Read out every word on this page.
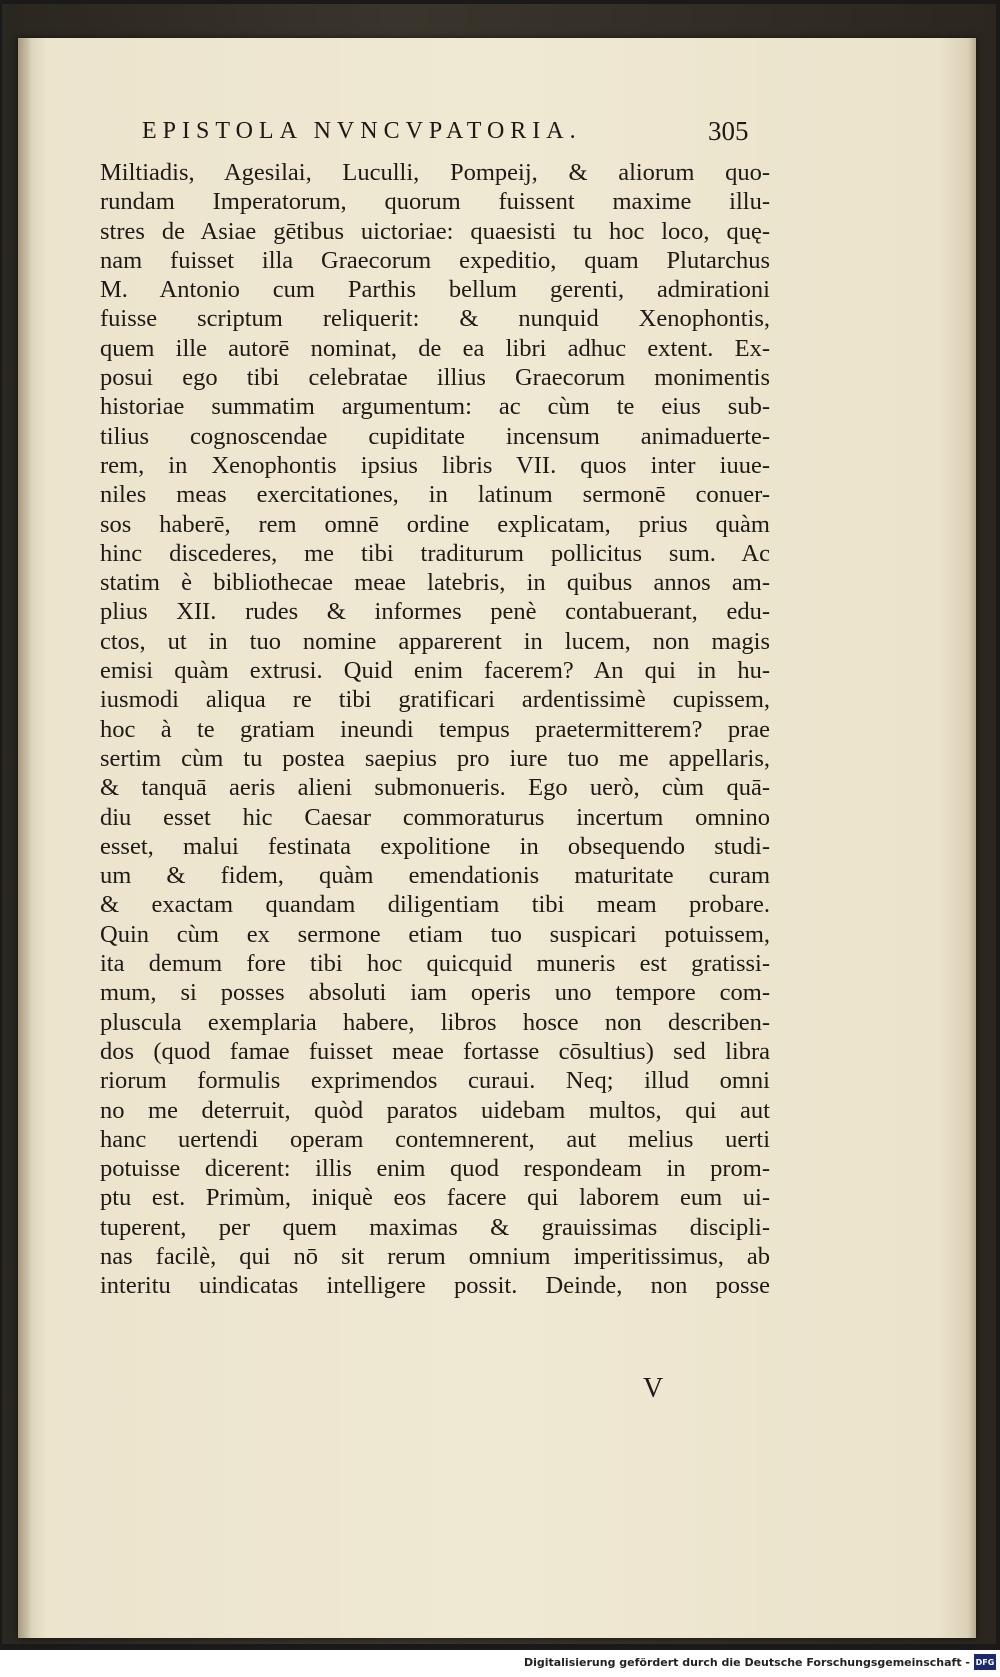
EPISTOLA NVNCVPATORIA.	305
Miltiadis, Agesilai, Luculli, Pompeij, & aliorum quo-
rundam Imperatorum, quorum fuissent maxime illu-
stres de Asiae gētibus uictoriae: quaesisti tu hoc loco, quę-
nam fuisset illa Graecorum expeditio, quam Plutarchus
M. Antonio cum Parthis bellum gerenti, admirationi
fuisse scriptum reliquerit: & nunquid Xenophontis,
quem ille autorē nominat, de ea libri adhuc extent. Ex-
posui ego tibi celebratae illius Graecorum monimentis
historiae summatim argumentum: ac cùm te eius sub-
tilius cognoscendae cupiditate incensum animaduerte-
rem, in Xenophontis ipsius libris VII. quos inter iuue-
niles meas exercitationes, in latinum sermonē conuer-
sos haberē, rem omnē ordine explicatam, prius quàm
hinc discederes, me tibi traditurum pollicitus sum. Ac
statim è bibliothecae meae latebris, in quibus annos am-
plius XII. rudes & informes penè contabuerant, edu-
ctos, ut in tuo nomine apparerent in lucem, non magis
emisi quàm extrusi. Quid enim facerem? An qui in hu-
iusmodi aliqua re tibi gratificari ardentissimè cupissem,
hoc à te gratiam ineundi tempus praetermitterem? prae
sertim cùm tu postea saepius pro iure tuo me appellaris,
& tanquā aeris alieni submonueris. Ego uerò, cùm quā-
diu esset hic Caesar commoraturus incertum omnino
esset, malui festinata expolitione in obsequendo studi-
um & fidem, quàm emendationis maturitate curam
& exactam quandam diligentiam tibi meam probare.
Quin cùm ex sermone etiam tuo suspicari potuissem,
ita demum fore tibi hoc quicquid muneris est gratissi-
mum, si posses absoluti iam operis uno tempore com-
pluscula exemplaria habere, libros hosce non describen-
dos (quod famae fuisset meae fortasse cōsultius) sed libra
riorum formulis exprimendos curaui. Neq; illud omni
no me deterruit, quòd paratos uidebam multos, qui aut
hanc uertendi operam contemnerent, aut melius uerti
potuisse dicerent: illis enim quod respondeam in prom-
ptu est. Primùm, iniquè eos facere qui laborem eum ui-
tuperent, per quem maximas & grauissimas discipli-
nas facilè, qui nō sit rerum omnium imperitissimus, ab
interitu uindicatas intelligere possit. Deinde, non posse
V
Digitalisierung gefördert durch die Deutsche Forschungsgemeinschaft - DFG
